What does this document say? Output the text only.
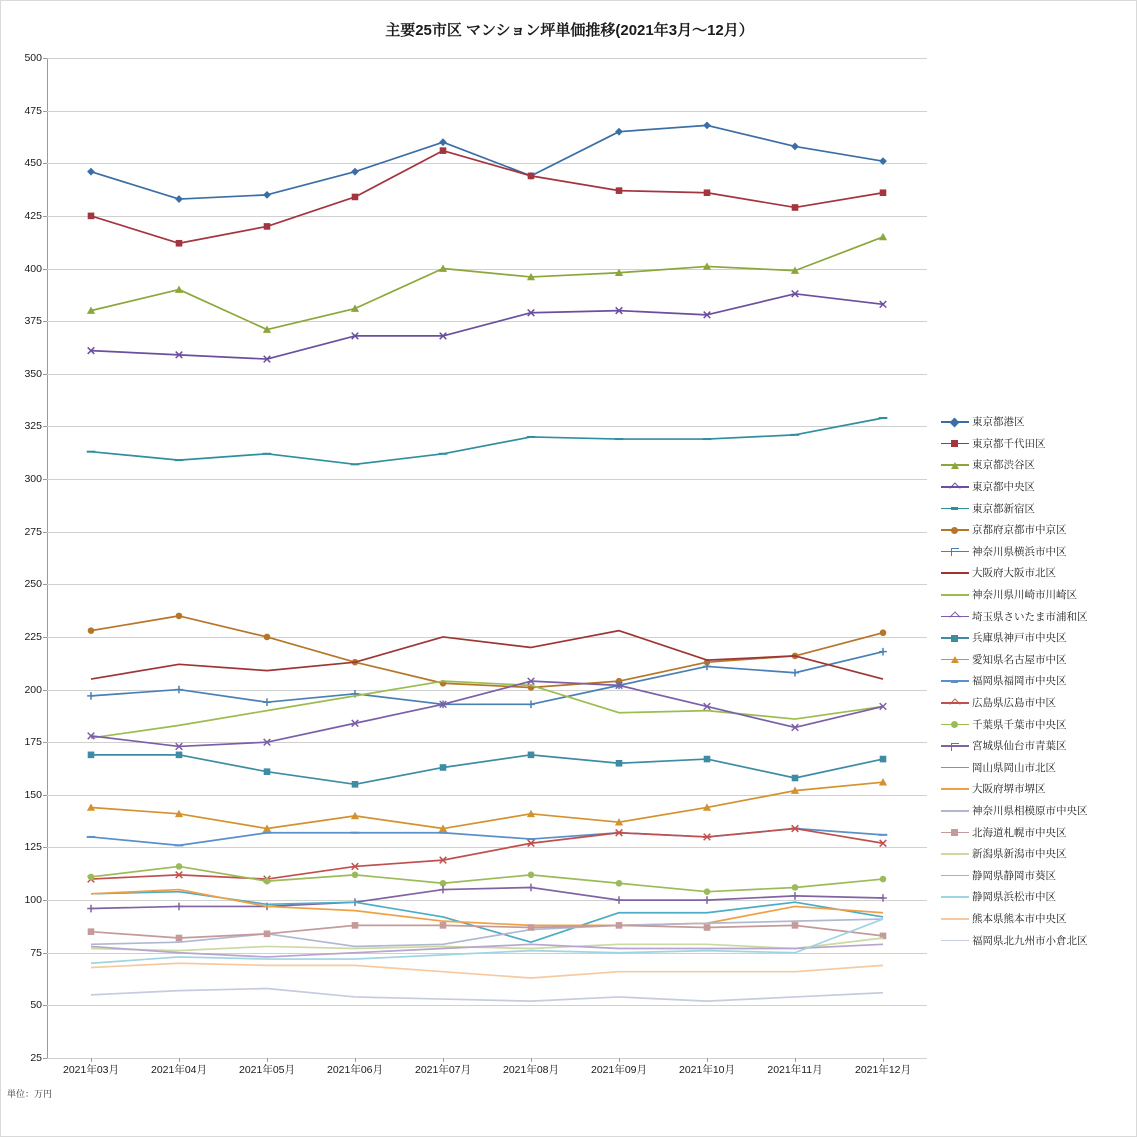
主要25市区 マンション坪単価推移(2021年3月〜12月）
単位：万円
25
50
75
100
125
150
175
200
225
250
275
300
325
350
375
400
425
450
475
500
2021年03月	2021年04月	2021年05月	2021年06月	2021年07月	2021年08月	2021年09月	2021年10月	2021年11月	2021年12月
東京都港区
東京都千代田区
東京都渋谷区
東京都中央区
東京都新宿区
京都府京都市中京区
神奈川県横浜市中区
大阪府大阪市北区
神奈川県川崎市川崎区
埼玉県さいたま市浦和区
兵庫県神戸市中央区
愛知県名古屋市中区
福岡県福岡市中央区
広島県広島市中区
千葉県千葉市中央区
宮城県仙台市青葉区
岡山県岡山市北区
大阪府堺市堺区
神奈川県相模原市中央区
北海道札幌市中央区
新潟県新潟市中央区
静岡県静岡市葵区
静岡県浜松市中区
熊本県熊本市中央区
福岡県北九州市小倉北区
